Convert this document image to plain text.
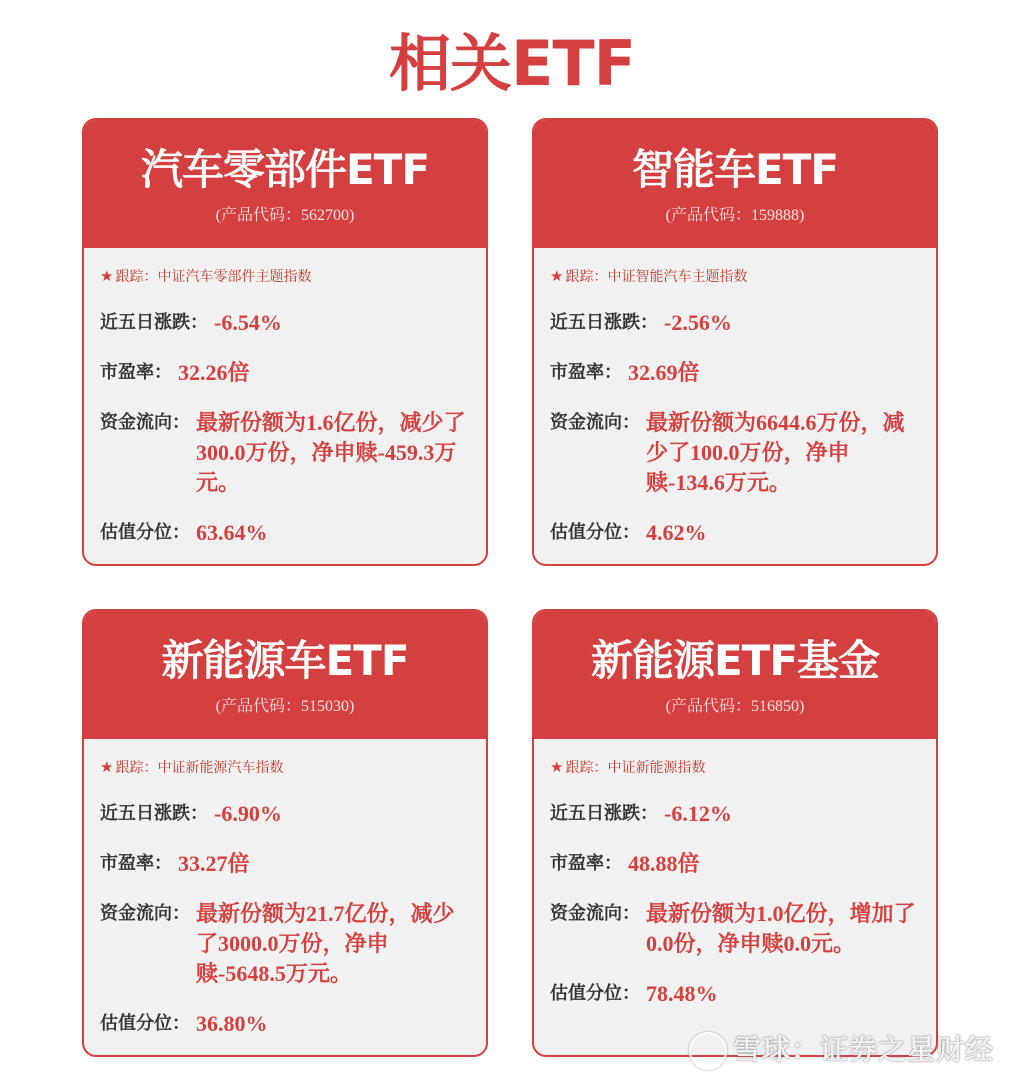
相关ETF
汽车零部件ETF
(产品代码：562700)
★ 跟踪：中证汽车零部件主题指数
近五日涨跌： -6.54%
市盈率： 32.26倍
资金流向： 最新份额为1.6亿份，减少了300.0万份，净申赎-459.3万元。
估值分位： 63.64%
智能车ETF
(产品代码：159888)
★ 跟踪：中证智能汽车主题指数
近五日涨跌： -2.56%
市盈率： 32.69倍
资金流向： 最新份额为6644.6万份，减少了100.0万份，净申赎-134.6万元。
估值分位： 4.62%
新能源车ETF
(产品代码：515030)
★ 跟踪：中证新能源汽车指数
近五日涨跌： -6.90%
市盈率： 33.27倍
资金流向： 最新份额为21.7亿份，减少了3000.0万份，净申赎-5648.5万元。
估值分位： 36.80%
新能源ETF基金
(产品代码：516850)
★ 跟踪：中证新能源指数
近五日涨跌： -6.12%
市盈率： 48.88倍
资金流向： 最新份额为1.0亿份，增加了0.0份，净申赎0.0元。
估值分位： 78.48%
雪球：证券之星财经
